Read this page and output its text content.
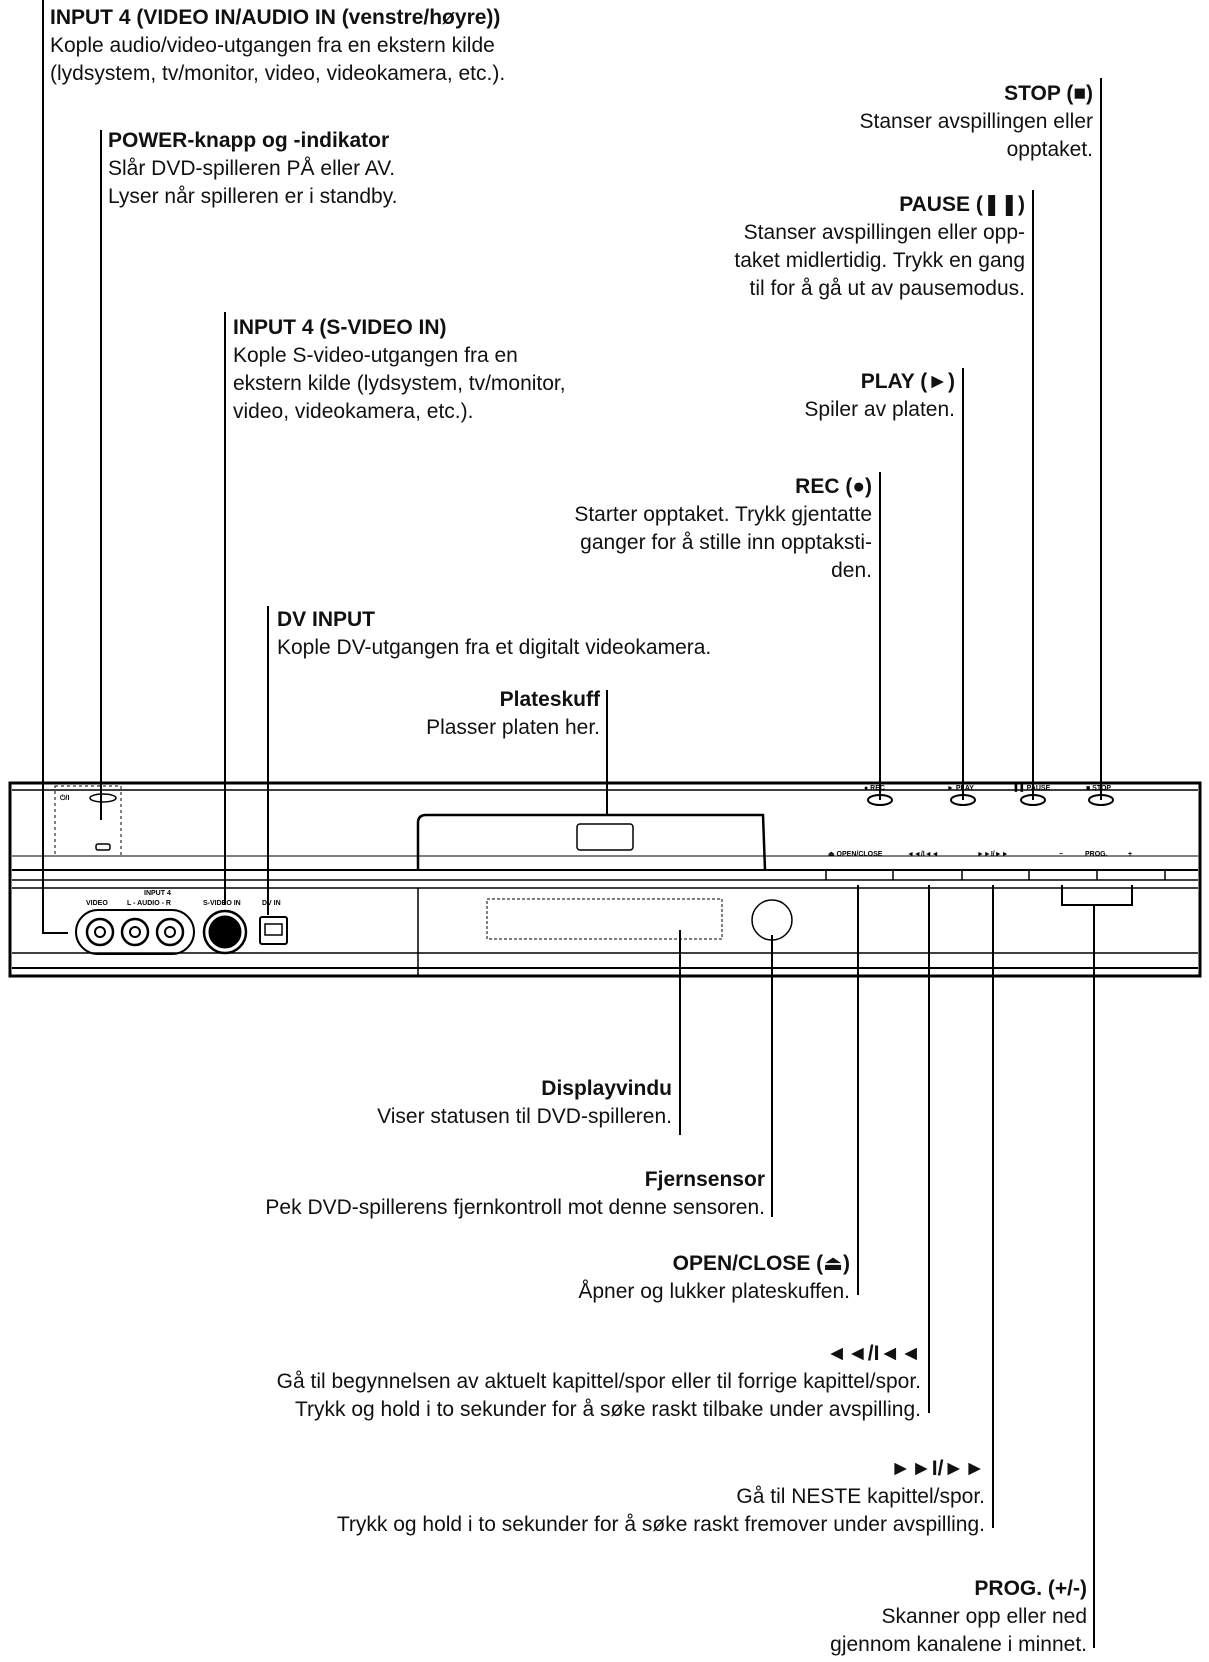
⏻/I
● REC	► PLAY	❚❚ PAUSE	■ STOP
⏏ OPEN/CLOSE	◄◄/I◄◄	►►I/►►	−	PROG.	+
INPUT 4
VIDEO	L - AUDIO - R	S-VIDEO IN	DV IN
INPUT 4 (VIDEO IN/AUDIO IN (venstre/høyre))
Kople audio/video-utgangen fra en ekstern kilde
(lydsystem, tv/monitor, video, videokamera, etc.).
POWER-knapp og -indikator
Slår DVD-spilleren PÅ eller AV.
Lyser når spilleren er i standby.
INPUT 4 (S-VIDEO IN)
Kople S-video-utgangen fra en
ekstern kilde (lydsystem, tv/monitor,
video, videokamera, etc.).
DV INPUT
Kople DV-utgangen fra et digitalt videokamera.
Plateskuff
Plasser platen her.
STOP (■)
Stanser avspillingen eller
opptaket.
PAUSE (❚❚)
Stanser avspillingen eller opp-
taket midlertidig. Trykk en gang
til for å gå ut av pausemodus.
PLAY (►)
Spiler av platen.
REC (●)
Starter opptaket. Trykk gjentatte
ganger for å stille inn opptaksti-
den.
Displayvindu
Viser statusen til DVD-spilleren.
Fjernsensor
Pek DVD-spillerens fjernkontroll mot denne sensoren.
OPEN/CLOSE (⏏)
Åpner og lukker plateskuffen.
◄◄/I◄◄
Gå til begynnelsen av aktuelt kapittel/spor eller til forrige kapittel/spor.
Trykk og hold i to sekunder for å søke raskt tilbake under avspilling.
►►I/►►
Gå til NESTE kapittel/spor.
Trykk og hold i to sekunder for å søke raskt fremover under avspilling.
PROG. (+/-)
Skanner opp eller ned
gjennom kanalene i minnet.
